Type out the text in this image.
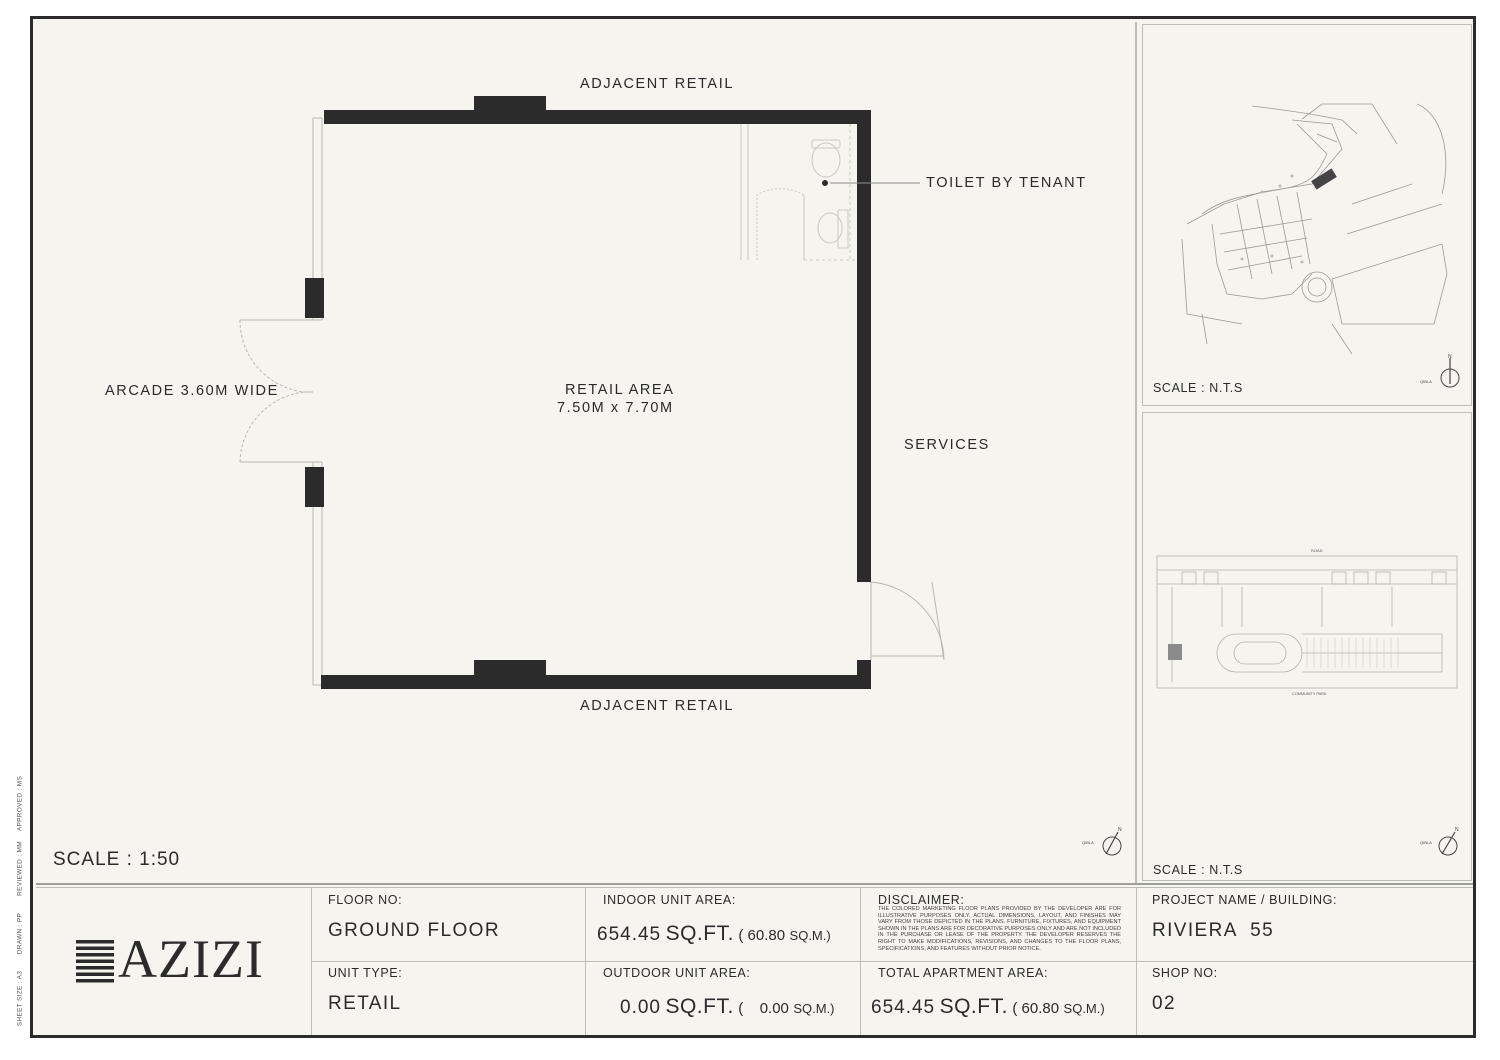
ADJACENT RETAIL
TOILET BY TENANT
ARCADE 3.60M WIDE	RETAIL AREA
7.50M x 7.70M
SERVICES
ADJACENT RETAIL
SCALE : 1:50
N
QIBLA
SCALE : N.T.S
N
QIBLA
ROAD
COMMUNITY PARK
SCALE : N.T.S
N
QIBLA
APPROVED : MS
REVIEWED : MM
DRAWN : PP
SHEET SIZE : A3
AZIZI
FLOOR NO:
GROUND FLOOR
UNIT TYPE:
RETAIL
INDOOR UNIT AREA:
654.45 SQ.FT. ( 60.80 SQ.M.)
OUTDOOR UNIT AREA:
0.00 SQ.FT. ( 0.00 SQ.M.)
DISCLAIMER:
THE COLORED MARKETING FLOOR PLANS PROVIDED BY THE DEVELOPER ARE FOR ILLUSTRATIVE PURPOSES ONLY. ACTUAL DIMENSIONS, LAYOUT, AND FINISHES MAY VARY FROM THOSE DEPICTED IN THE PLANS. FURNITURE, FIXTURES, AND EQUIPMENT SHOWN IN THE PLANS ARE FOR DECORATIVE PURPOSES ONLY AND ARE NOT INCLUDED IN THE PURCHASE OR LEASE OF THE PROPERTY. THE DEVELOPER RESERVES THE RIGHT TO MAKE MODIFICATIONS, REVISIONS, AND CHANGES TO THE FLOOR PLANS, SPECIFICATIONS, AND FEATURES WITHOUT PRIOR NOTICE.
TOTAL APARTMENT AREA:
654.45 SQ.FT. ( 60.80 SQ.M.)
PROJECT NAME / BUILDING:
RIVIERA  55
SHOP NO:
02
